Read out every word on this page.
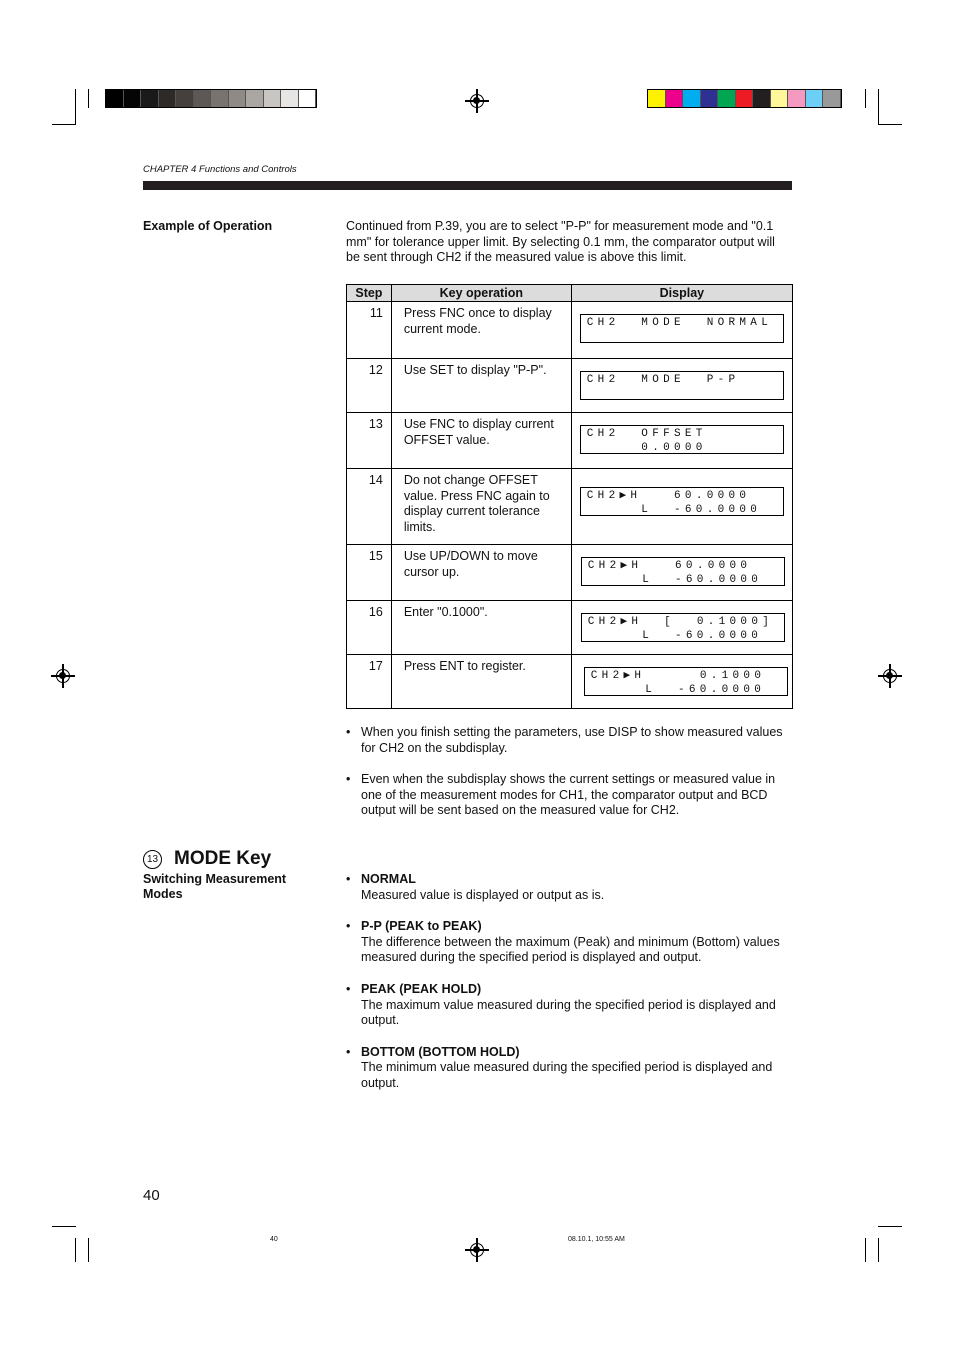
CHAPTER 4 Functions and Controls
Example of Operation	Continued from P.39, you are to select "P-P" for measurement mode and "0.1 mm" for tolerance upper limit. By selecting 0.1 mm, the comparator output will be sent through CH2 if the measured value is above this limit.
Step	Key operation	Display
11	Press FNC once to display current mode.	CH2  MODE  NORMAL

12	Use SET to display "P-P".	CH2  MODE  P-P

13	Use FNC to display current OFFSET value.	CH2  OFFSET
0.0000

14	Do not change OFFSET value. Press FNC again to display current tolerance limits.	CH2▶H   60.0000
L  -60.0000

15	Use UP/DOWN to move cursor up.	CH2▶H   60.0000
L  -60.0000

16	Enter "0.1000".	CH2▶H  [  0.1000]
L  -60.0000

17	Press ENT to register.	CH2▶H     0.1000
L  -60.0000
• When you finish setting the parameters, use DISP to show measured values for CH2 on the subdisplay.
• Even when the subdisplay shows the current settings or measured value in one of the measurement modes for CH1, the comparator output and BCD output will be sent based on the measured value for CH2.
13 MODE Key
Switching Measurement Modes
• NORMAL
Measured value is displayed or output as is.
• P-P (PEAK to PEAK)
The difference between the maximum (Peak) and minimum (Bottom) values measured during the specified period is displayed and output.
• PEAK (PEAK HOLD)
The maximum value measured during the specified period is displayed and output.
• BOTTOM (BOTTOM HOLD)
The minimum value measured during the specified period is displayed and output.
40
40	08.10.1, 10:55 AM
